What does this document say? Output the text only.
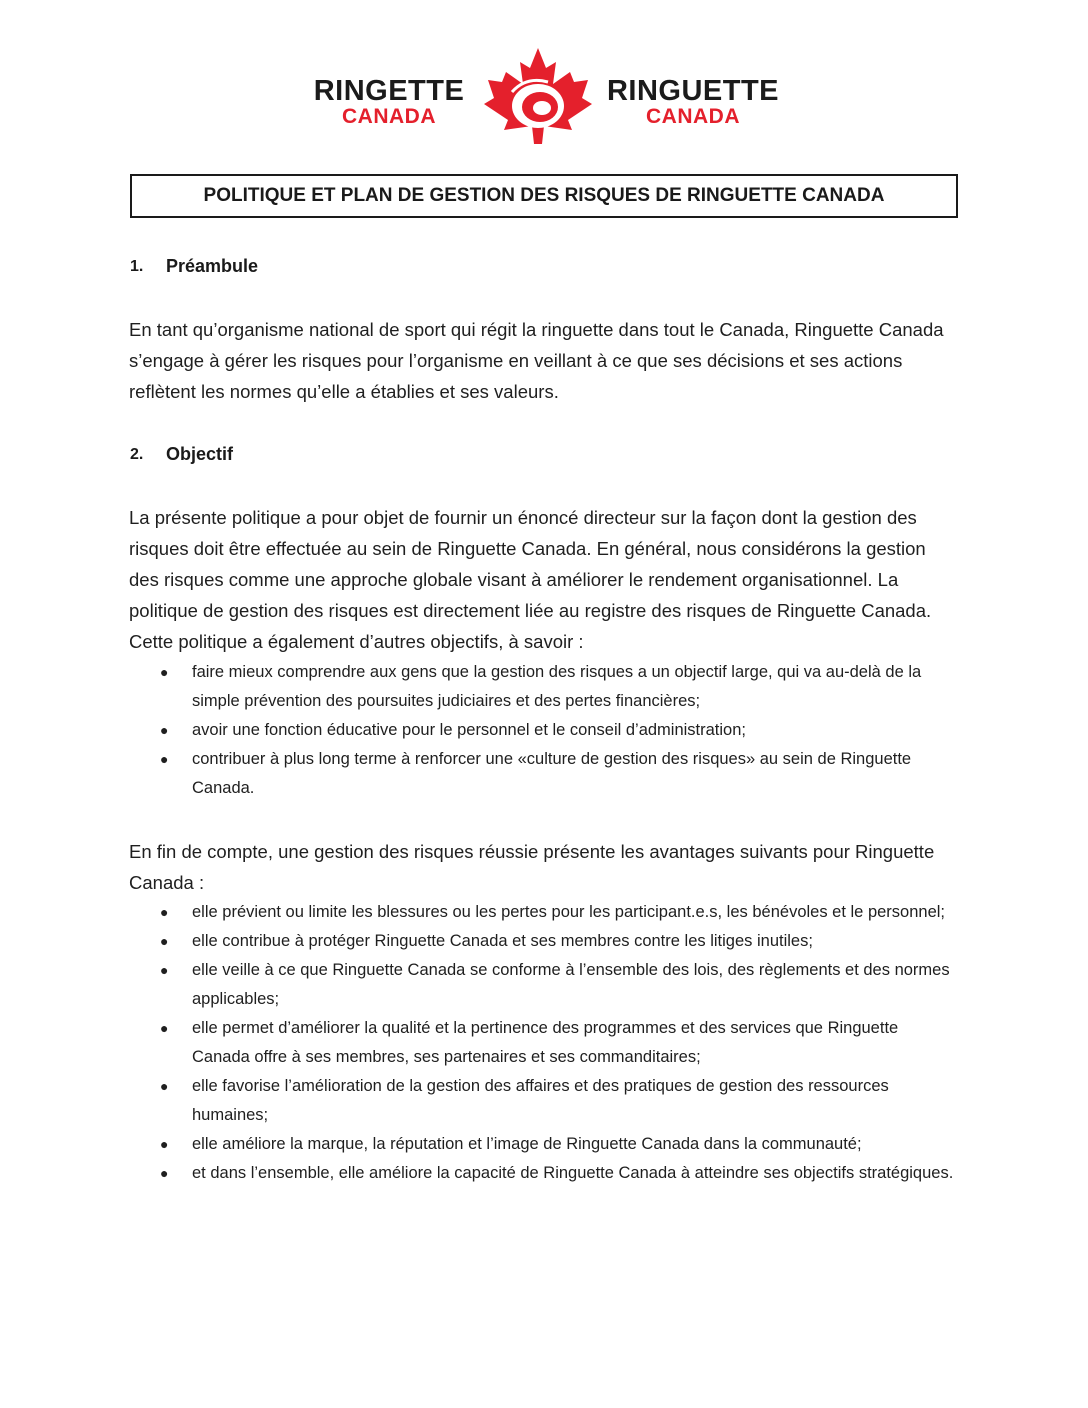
RINGETTE
CANADA
RINGUETTE
CANADA
POLITIQUE ET PLAN DE GESTION DES RISQUES DE RINGUETTE CANADA
1.	Préambule
En tant qu’organisme national de sport qui régit la ringuette dans tout le Canada, Ringuette Canada s’engage à gérer les risques pour l’organisme en veillant à ce que ses décisions et ses actions reflètent les normes qu’elle a établies et ses valeurs.
2.	Objectif
La présente politique a pour objet de fournir un énoncé directeur sur la façon dont la gestion des risques doit être effectuée au sein de Ringuette Canada. En général, nous considérons la gestion des risques comme une approche globale visant à améliorer le rendement organisationnel. La politique de gestion des risques est directement liée au registre des risques de Ringuette Canada. Cette politique a également d’autres objectifs, à savoir :
● faire mieux comprendre aux gens que la gestion des risques a un objectif large, qui va au-delà de la simple prévention des poursuites judiciaires et des pertes financières;
● avoir une fonction éducative pour le personnel et le conseil d’administration;
● contribuer à plus long terme à renforcer une «culture de gestion des risques» au sein de Ringuette Canada.
En fin de compte, une gestion des risques réussie présente les avantages suivants pour Ringuette Canada :
● elle prévient ou limite les blessures ou les pertes pour les participant.e.s, les bénévoles et le personnel;
● elle contribue à protéger Ringuette Canada et ses membres contre les litiges inutiles;
● elle veille à ce que Ringuette Canada se conforme à l’ensemble des lois, des règlements et des normes applicables;
● elle permet d’améliorer la qualité et la pertinence des programmes et des services que Ringuette Canada offre à ses membres, ses partenaires et ses commanditaires;
● elle favorise l’amélioration de la gestion des affaires et des pratiques de gestion des ressources humaines;
● elle améliore la marque, la réputation et l’image de Ringuette Canada dans la communauté;
● et dans l’ensemble, elle améliore la capacité de Ringuette Canada à atteindre ses objectifs stratégiques.
